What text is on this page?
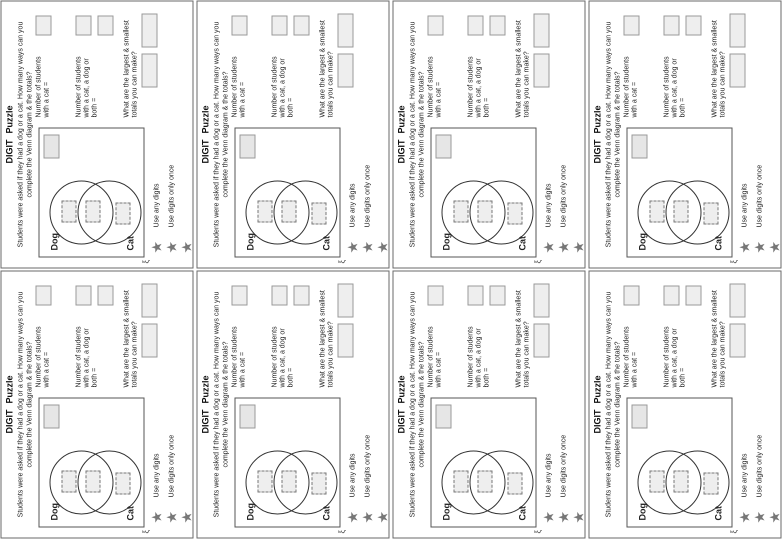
DIGITPuzzle Students were asked if they had a dog or a cat. How many ways can you complete the Venn diagram & the totals?
Dog	Cat
Number of students with a cat =	Number of students with a cat, a dog or both =	What are the largest & smallest totals you can make?
★ ★ ★
Use any digits Use digits only once
ξ
DIGITPuzzle Students were asked if they had a dog or a cat. How many ways can you complete the Venn diagram & the totals?
Dog	Cat
Number of students with a cat =	Number of students with a cat, a dog or both =	What are the largest & smallest totals you can make?
★ ★ ★
Use any digits Use digits only once
ξ
DIGITPuzzle Students were asked if they had a dog or a cat. How many ways can you complete the Venn diagram & the totals?
Dog	Cat
Number of students with a cat =	Number of students with a cat, a dog or both =	What are the largest & smallest totals you can make?
★ ★ ★
Use any digits Use digits only once
ξ
DIGITPuzzle Students were asked if they had a dog or a cat. How many ways can you complete the Venn diagram & the totals?
Dog	Cat
Number of students with a cat =	Number of students with a cat, a dog or both =	What are the largest & smallest totals you can make?
★ ★ ★
Use any digits Use digits only once
ξ
DIGITPuzzle Students were asked if they had a dog or a cat. How many ways can you complete the Venn diagram & the totals?
Dog	Cat
Number of students with a cat =	Number of students with a cat, a dog or both =	What are the largest & smallest totals you can make?
★ ★ ★
Use any digits Use digits only once
ξ
DIGITPuzzle Students were asked if they had a dog or a cat. How many ways can you complete the Venn diagram & the totals?
Dog	Cat
Number of students with a cat =	Number of students with a cat, a dog or both =	What are the largest & smallest totals you can make?
★ ★ ★
Use any digits Use digits only once
ξ
DIGITPuzzle Students were asked if they had a dog or a cat. How many ways can you complete the Venn diagram & the totals?
Dog	Cat
Number of students with a cat =	Number of students with a cat, a dog or both =	What are the largest & smallest totals you can make?
★ ★ ★
Use any digits Use digits only once
ξ
DIGITPuzzle Students were asked if they had a dog or a cat. How many ways can you complete the Venn diagram & the totals?
Dog	Cat
Number of students with a cat =	Number of students with a cat, a dog or both =	What are the largest & smallest totals you can make?
★ ★ ★
Use any digits Use digits only once
ξ
